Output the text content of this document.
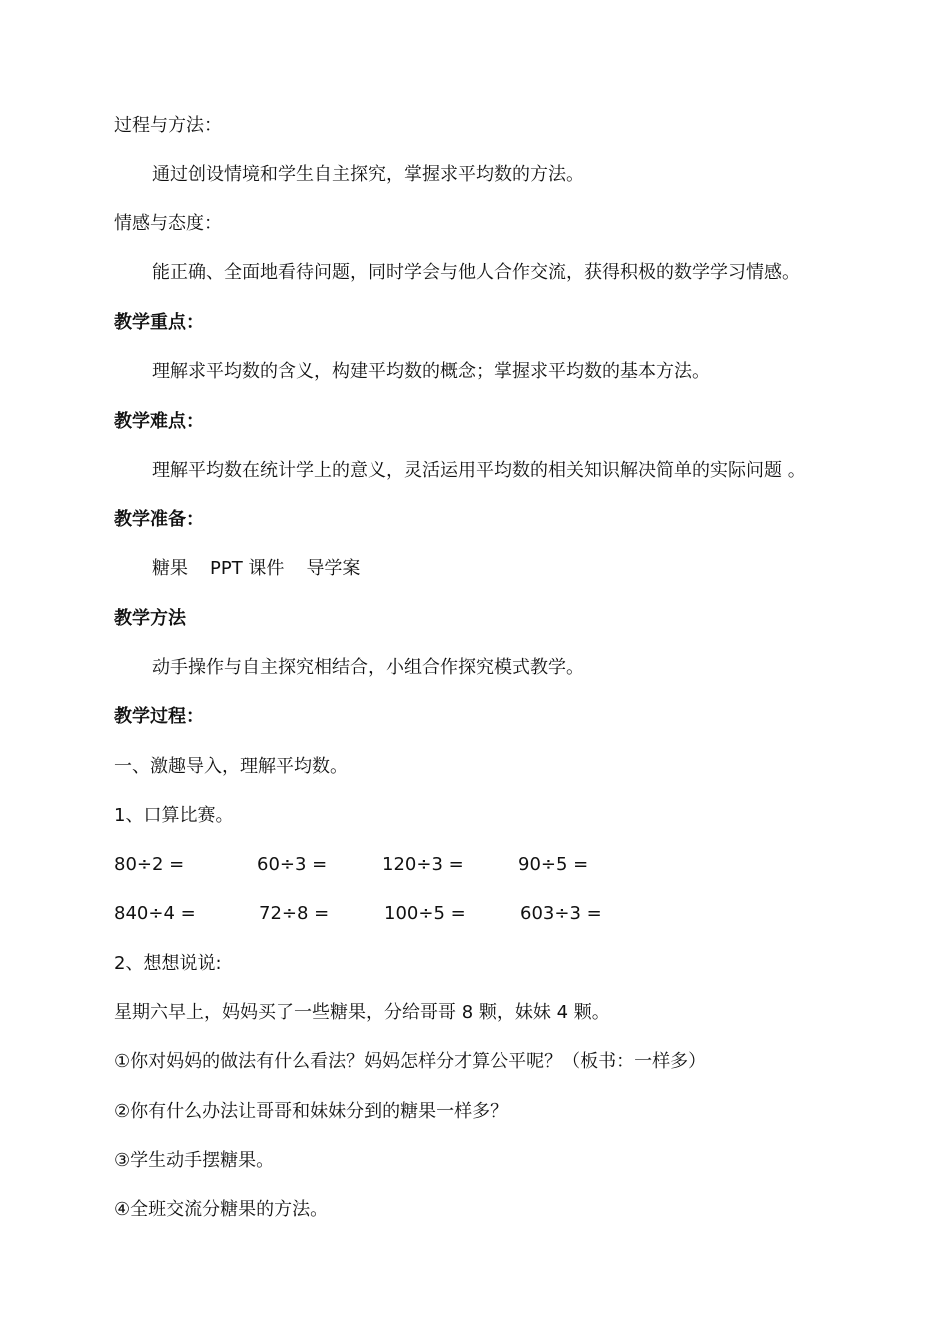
过程与方法：
通过创设情境和学生自主探究，掌握求平均数的方法。
情感与态度：
能正确、全面地看待问题，同时学会与他人合作交流，获得积极的数学学习情感。
教学重点：
理解求平均数的含义，构建平均数的概念；掌握求平均数的基本方法。
教学难点：
理解平均数在统计学上的意义，灵活运用平均数的相关知识解决简单的实际问题 。
教学准备：
糖果 PPT 课件 导学案
教学方法
动手操作与自主探究相结合，小组合作探究模式教学。
教学过程：
一、激趣导入，理解平均数。
1、口算比赛。
80÷2 =	60÷3 =	120÷3 =	90÷5 =
840÷4 =	72÷8 =	100÷5 =	603÷3 =
2、想想说说:
星期六早上，妈妈买了一些糖果，分给哥哥 8 颗，妹妹 4 颗。
①你对妈妈的做法有什么看法？妈妈怎样分才算公平呢？（板书：一样多）
②你有什么办法让哥哥和妹妹分到的糖果一样多？
③学生动手摆糖果。
④全班交流分糖果的方法。
